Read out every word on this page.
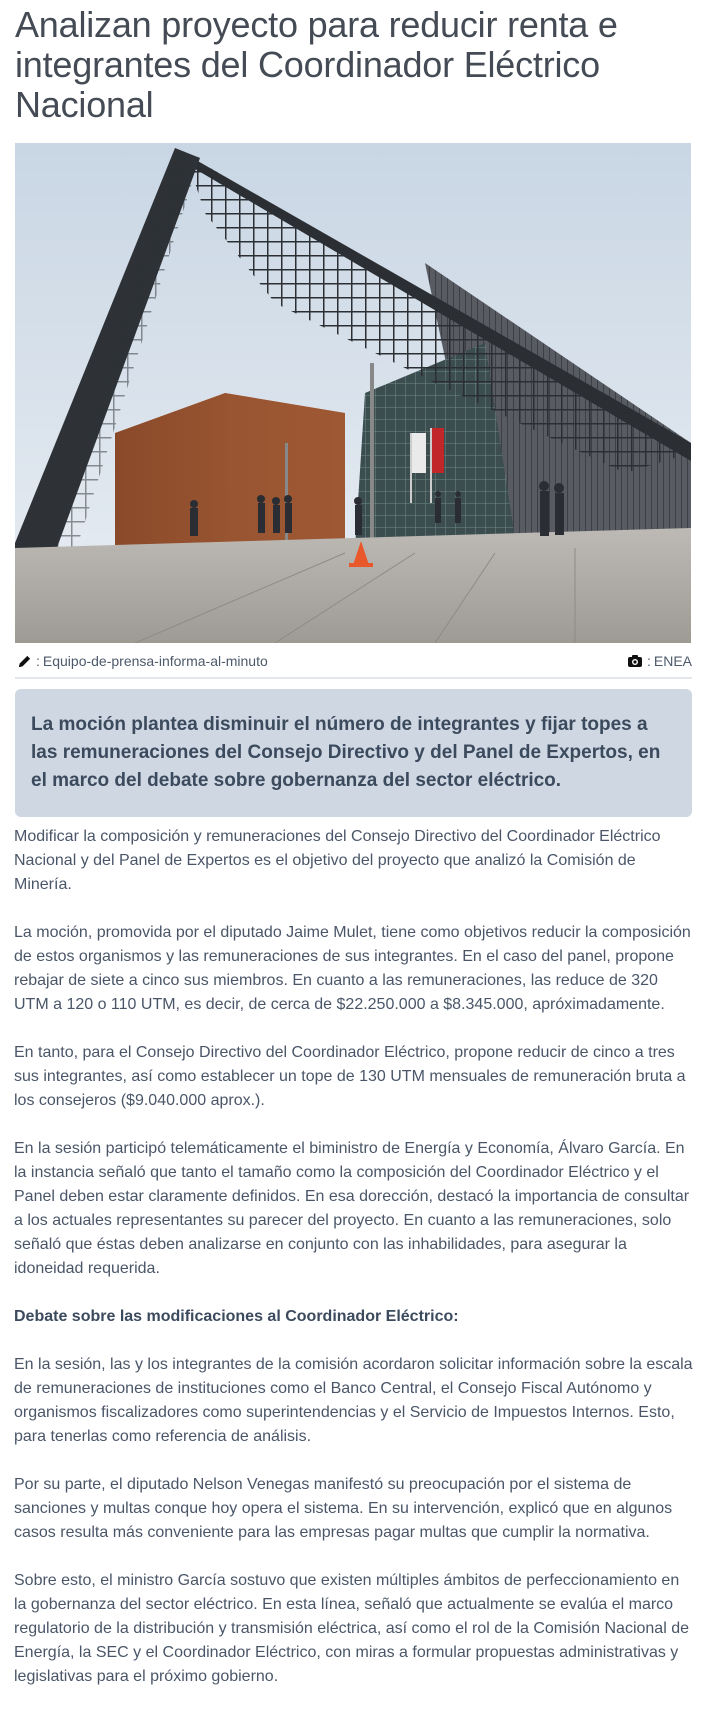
Analizan proyecto para reducir renta e integrantes del Coordinador Eléctrico Nacional
: Equipo-de-prensa-informa-al-minuto	: ENEA
La moción plantea disminuir el número de integrantes y fijar topes a las remuneraciones del Consejo Directivo y del Panel de Expertos, en el marco del debate sobre gobernanza del sector eléctrico.

Modificar la composición y remuneraciones del Consejo Directivo del Coordinador Eléctrico Nacional y del Panel de Expertos es el objetivo del proyecto que analizó la Comisión de Minería.

La moción, promovida por el diputado Jaime Mulet, tiene como objetivos reducir la composición de estos organismos y las remuneraciones de sus integrantes. En el caso del panel, propone rebajar de siete a cinco sus miembros. En cuanto a las remuneraciones, las reduce de 320 UTM a 120 o 110 UTM, es decir, de cerca de $22.250.000 a $8.345.000, apróximadamente.

En tanto, para el Consejo Directivo del Coordinador Eléctrico, propone reducir de cinco a tres sus integrantes, así como establecer un tope de 130 UTM mensuales de remuneración bruta a los consejeros ($9.040.000 aprox.).

En la sesión participó telemáticamente el biministro de Energía y Economía, Álvaro García. En la instancia señaló que tanto el tamaño como la composición del Coordinador Eléctrico y el Panel deben estar claramente definidos. En esa dorección, destacó la importancia de consultar a los actuales representantes su parecer del proyecto. En cuanto a las remuneraciones, solo señaló que éstas deben analizarse en conjunto con las inhabilidades, para asegurar la idoneidad requerida.

Debate sobre las modificaciones al Coordinador Eléctrico:

En la sesión, las y los integrantes de la comisión acordaron solicitar información sobre la escala de remuneraciones de instituciones como el Banco Central, el Consejo Fiscal Autónomo y organismos fiscalizadores como superintendencias y el Servicio de Impuestos Internos. Esto, para tenerlas como referencia de análisis.

Por su parte, el diputado Nelson Venegas manifestó su preocupación por el sistema de sanciones y multas conque hoy opera el sistema. En su intervención, explicó que en algunos casos resulta más conveniente para las empresas pagar multas que cumplir la normativa.

Sobre esto, el ministro García sostuvo que existen múltiples ámbitos de perfeccionamiento en la gobernanza del sector eléctrico. En esta línea, señaló que actualmente se evalúa el marco regulatorio de la distribución y transmisión eléctrica, así como el rol de la Comisión Nacional de Energía, la SEC y el Coordinador Eléctrico, con miras a formular propuestas administrativas y legislativas para el próximo gobierno.
